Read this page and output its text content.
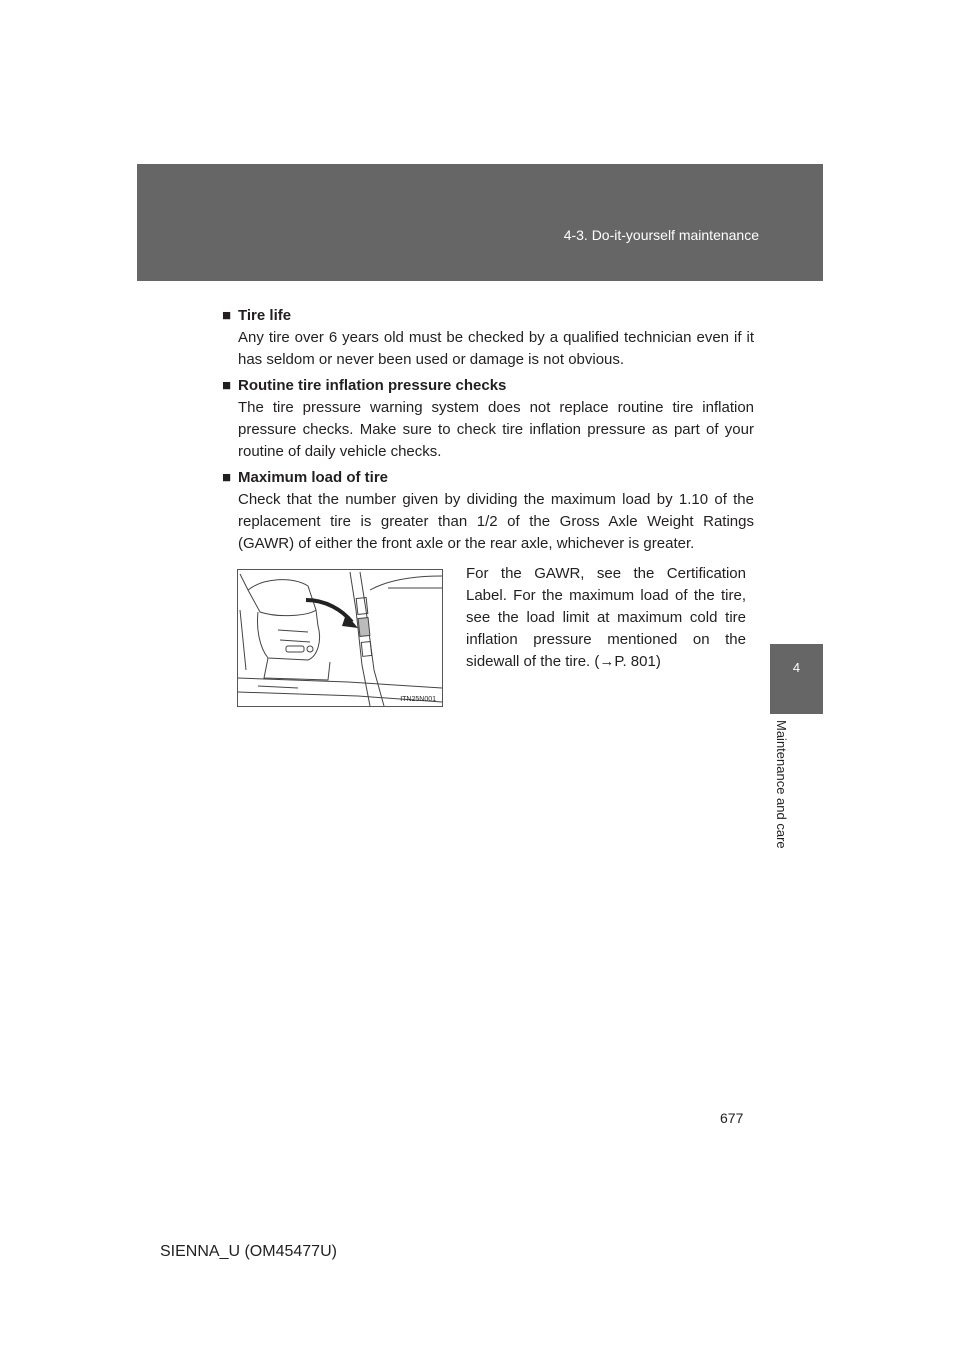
4-3. Do-it-yourself maintenance
4
Maintenance and care

■ Tire life

Any tire over 6 years old must be checked by a qualified technician even if it has seldom or never been used or damage is not obvious.

■ Routine tire inflation pressure checks

The tire pressure warning system does not replace routine tire inflation pressure checks. Make sure to check tire inflation pressure as part of your routine of daily vehicle checks.

■ Maximum load of tire

Check that the number given by dividing the maximum load by 1.10 of the replacement tire is greater than 1/2 of the Gross Axle Weight Ratings (GAWR) of either the front axle or the rear axle, whichever is greater.

ITN25N001
For the GAWR, see the Certification Label. For the maximum load of the tire, see the load limit at maximum cold tire inflation pressure mentioned on the sidewall of the tire. (→P. 801)
677
SIENNA_U (OM45477U)
